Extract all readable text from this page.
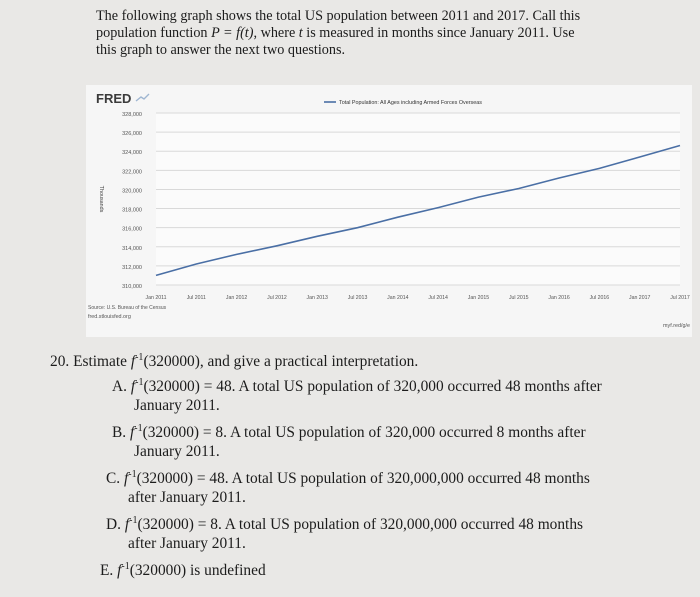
The following graph shows the total US population between 2011 and 2017. Call this
population function P = f(t), where t is measured in months since January 2011. Use
this graph to answer the next two questions.
310,000
312,000
314,000
316,000
318,000
320,000
322,000
324,000
326,000
328,000
Jan 2011	Jul 2011	Jan 2012	Jul 2012	Jan 2013	Jul 2013	Jan 2014	Jul 2014	Jan 2015	Jul 2015	Jan 2016	Jul 2016	Jan 2017	Jul 2017
Total Population: All Ages including Armed Forces Overseas
FRED
Thousands
Source: U.S. Bureau of the Census
fred.stlouisfed.org
myf.red/g/e
20. Estimate $f^{-1}(320000)$, and give a practical interpretation.
A. $f^{-1}(320000) = 48$. A total US population of 320,000 occurred 48 months after
January 2011.
B. $f^{-1}(320000) = 8$. A total US population of 320,000 occurred 8 months after
January 2011.
C. $f^{-1}(320000) = 48$. A total US population of 320,000,000 occurred 48 months
after January 2011.
D. $f^{-1}(320000) = 8$. A total US population of 320,000,000 occurred 48 months
after January 2011.
E. $f^{-1}(320000)$ is undefined
